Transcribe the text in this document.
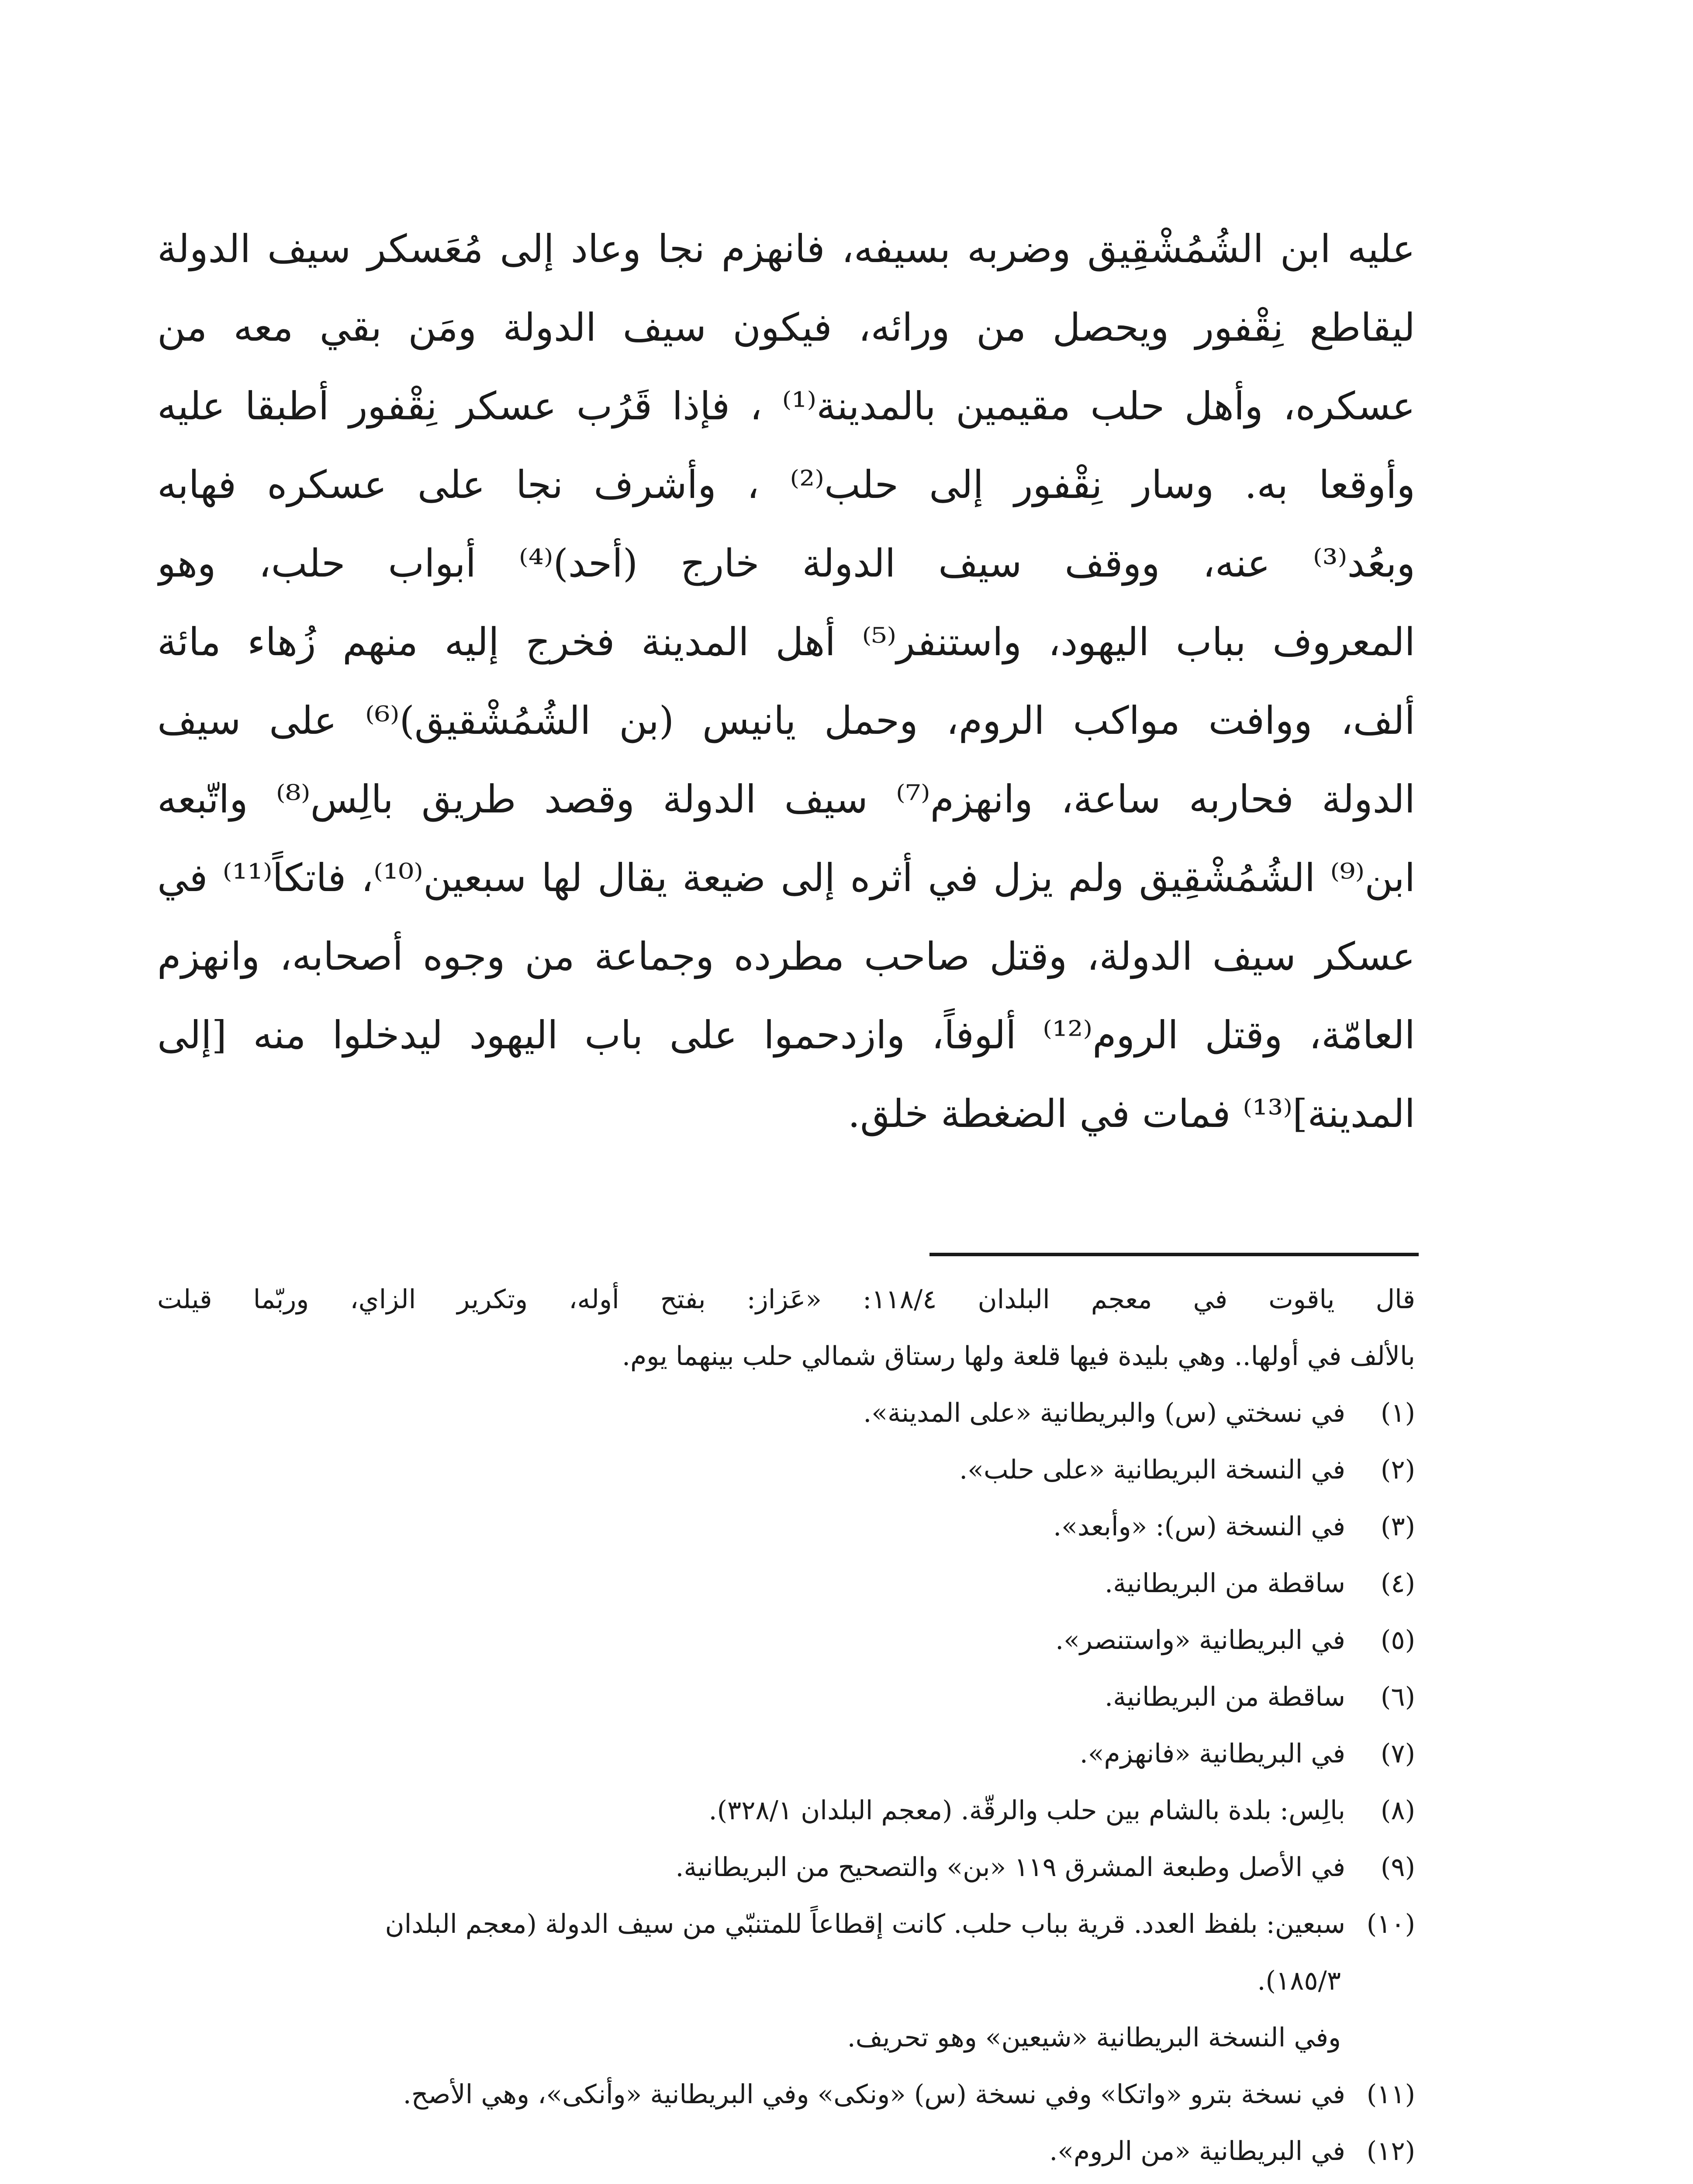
عليه ابن الشُمُشْقِيق وضربه بسيفه، فانهزم نجا وعاد إلى مُعَسكر سيف الدولة
ليقاطع نِقْفور ويحصل من ورائه، فيكون سيف الدولة ومَن بقي معه من
عسكره، وأهل حلب مقيمين بالمدينة⁽¹⁾ ، فإذا قَرُب عسكر نِقْفور أطبقا عليه
وأوقعا به. وسار نِقْفور إلى حلب⁽²⁾ ، وأشرف نجا على عسكره فهابه
وبعُد⁽³⁾ عنه، ووقف سيف الدولة خارج (أحد)⁽⁴⁾ أبواب حلب، وهو
المعروف بباب اليهود، واستنفر⁽⁵⁾ أهل المدينة فخرج إليه منهم زُهاء مائة
ألف، ووافت مواكب الروم، وحمل يانيس (بن الشُمُشْقيق)⁽⁶⁾ على سيف
الدولة فحاربه ساعة، وانهزم⁽⁷⁾ سيف الدولة وقصد طريق بالِس⁽⁸⁾ واتّبعه
ابن⁽⁹⁾ الشُمُشْقِيق ولم يزل في أثره إلى ضيعة يقال لها سبعين⁽¹⁰⁾، فاتكاً⁽¹¹⁾ في
عسكر سيف الدولة، وقتل صاحب مطرده وجماعة من وجوه أصحابه، وانهزم
العامّة، وقتل الروم⁽¹²⁾ ألوفاً، وازدحموا على باب اليهود ليدخلوا منه [إلى
المدينة]⁽¹³⁾ فمات في الضغطة خلق.
قال ياقوت في معجم البلدان ١١٨/٤: «عَزاز: بفتح أوله، وتكرير الزاي، وربّما قيلت
بالألف في أولها.. وهي بليدة فيها قلعة ولها رستاق شمالي حلب بينهما يوم.
(١)في نسختي (س) والبريطانية «على المدينة».
(٢)في النسخة البريطانية «على حلب».
(٣)في النسخة (س): «وأبعد».
(٤)ساقطة من البريطانية.
(٥)في البريطانية «واستنصر».
(٦)ساقطة من البريطانية.
(٧)في البريطانية «فانهزم».
(٨)بالِس: بلدة بالشام بين حلب والرقّة. (معجم البلدان ٣٢٨/١).
(٩)في الأصل وطبعة المشرق ١١٩ «بن» والتصحيح من البريطانية.
(١٠)سبعين: بلفظ العدد. قرية بباب حلب. كانت إقطاعاً للمتنبّي من سيف الدولة (معجم البلدان
١٨٥/٣).
وفي النسخة البريطانية «شيعين» وهو تحريف.
(١١)في نسخة بترو «واتكا» وفي نسخة (س) «ونكى» وفي البريطانية «وأنكى»، وهي الأصح.
(١٢)في البريطانية «من الروم».
